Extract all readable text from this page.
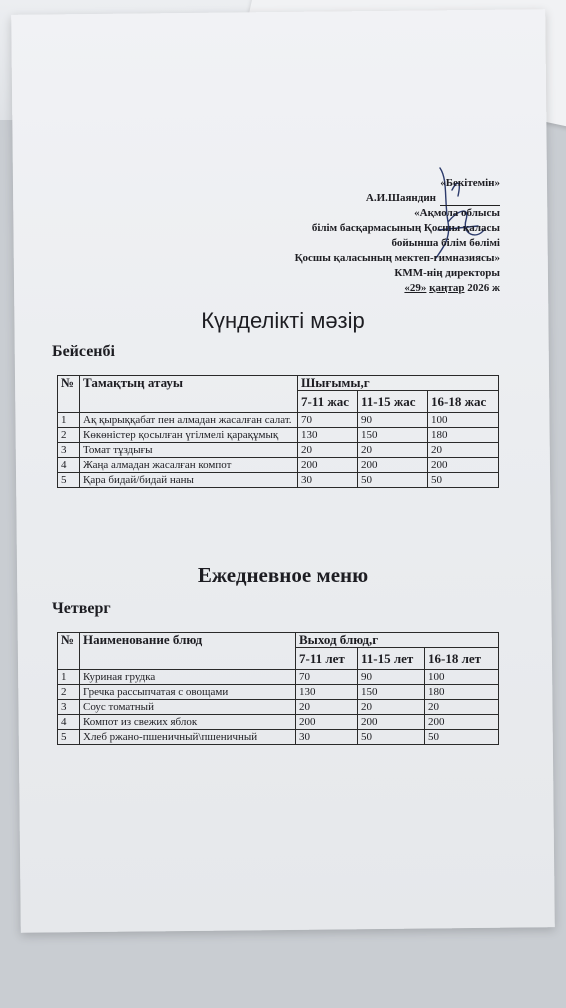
«Бекітемін»
А.И.Шаяндин
«Ақмола облысы
білім басқармасының Қосшы қаласы
бойынша білім бөлімі
Қосшы қаласының мектеп-гимназиясы»
КММ-нің директоры
«29» қаңтар 2026 ж
Күнделікті мәзір
Бейсенбі
№	Тамақтың атауы	Шығымы,г		
		7-11 жас	11-15 жас	16-18 жас
1	Ақ қырыққабат пен алмадан жасалған салат.	70	90	100
2	Көкөністер қосылған үгілмелі қарақұмық	130	150	180
3	Томат тұздығы	20	20	20
4	Жаңа алмадан жасалған компот	200	200	200
5	Қара бидай/бидай наны	30	50	50
Ежедневное меню
Четверг
№	Наименование блюд	Выход блюд,г		
		7-11 лет	11-15 лет	16-18 лет
1	Куриная грудка	70	90	100
2	Гречка рассыпчатая с овощами	130	150	180
3	Соус томатный	20	20	20
4	Компот из свежих яблок	200	200	200
5	Хлеб ржано-пшеничный\пшеничный	30	50	50
